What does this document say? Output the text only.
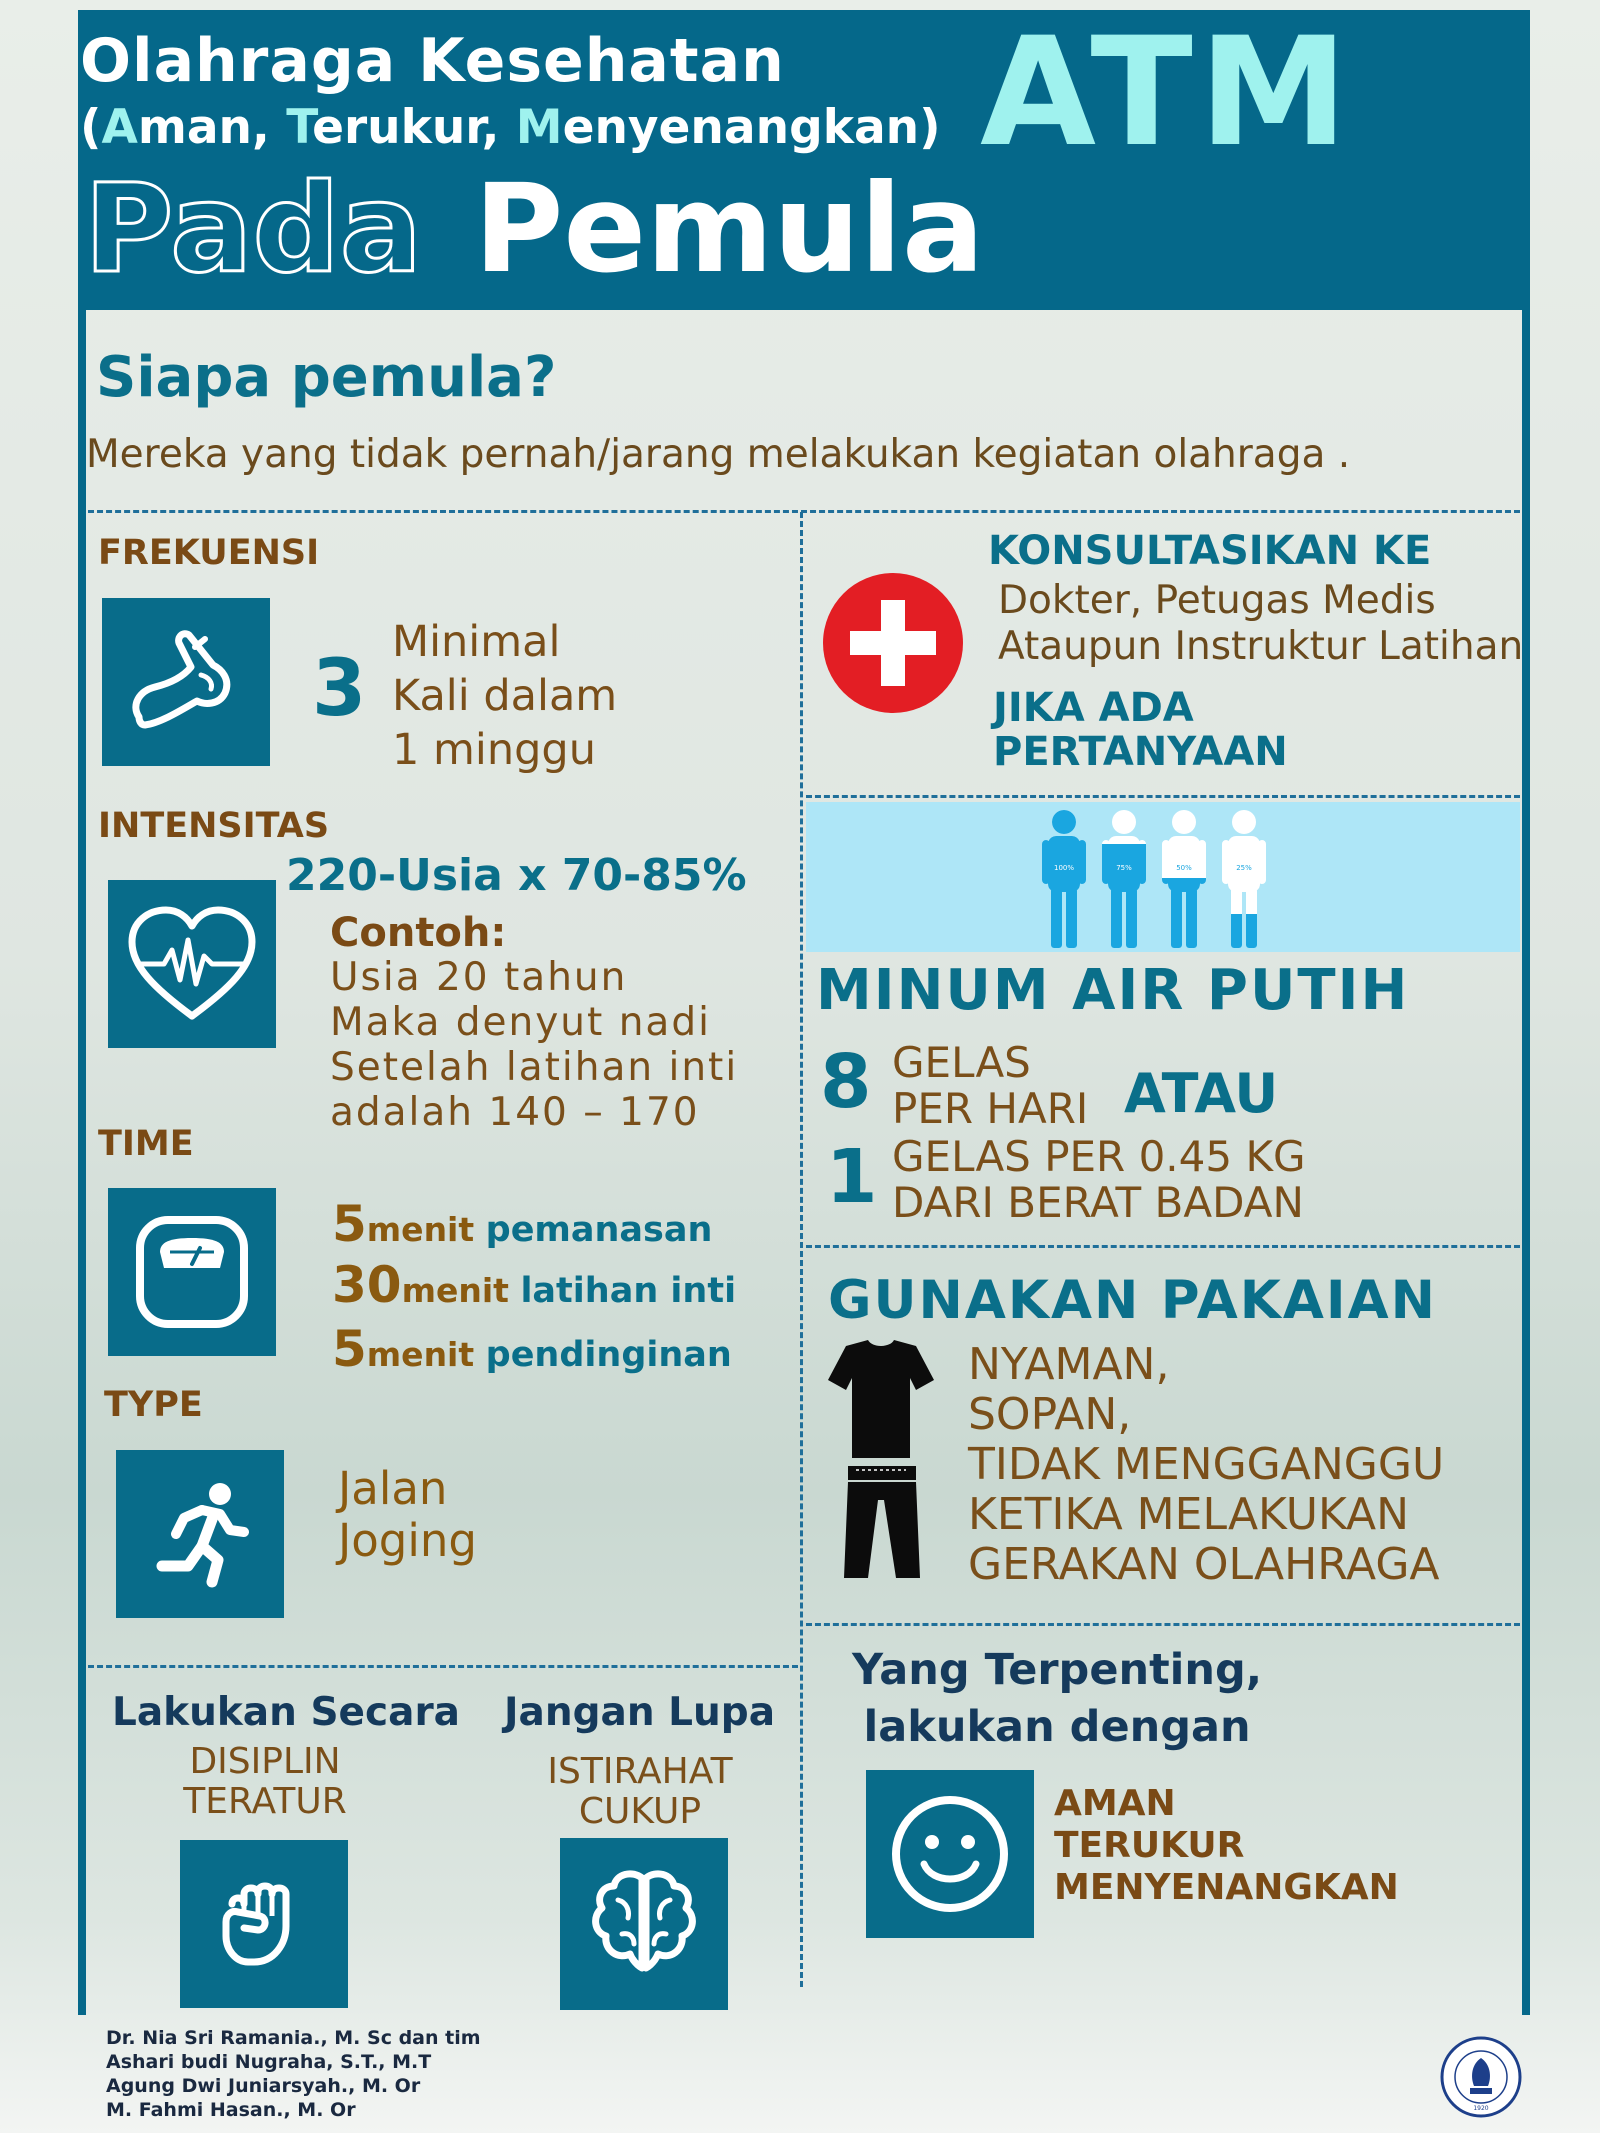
Olahraga Kesehatan
(Aman, Terukur, Menyenangkan) ATM
Pada Pemula
Siapa pemula?
Mereka yang tidak pernah/jarang melakukan kegiatan olahraga .
FREKUENSI
3
Minimal
Kali dalam
1 minggu
INTENSITAS
220-Usia x 70-85%
Contoh:
Usia 20 tahun
Maka denyut nadi
Setelah latihan inti
adalah 140 – 170
TIME
5menit pemanasan
30menit latihan inti
5menit pendinginan
TYPE
Jalan
Joging
Lakukan Secara
DISIPLIN
TERATUR
Jangan Lupa
ISTIRAHAT
CUKUP
KONSULTASIKAN KE
Dokter, Petugas Medis
Ataupun Instruktur Latihan
JIKA ADA
PERTANYAAN
100%	75%	50%	25%
MINUM AIR PUTIH
8 GELAS
PER HARI ATAU
1 GELAS PER 0.45 KG
DARI BERAT BADAN
GUNAKAN PAKAIAN
NYAMAN,
SOPAN,
TIDAK MENGGANGGU
KETIKA MELAKUKAN
GERAKAN OLAHRAGA
Yang Terpenting,
lakukan dengan
AMAN
TERUKUR
MENYENANGKAN
Dr. Nia Sri Ramania., M. Sc dan tim
Ashari budi Nugraha, S.T., M.T
Agung Dwi Juniarsyah., M. Or
M. Fahmi Hasan., M. Or	1920
